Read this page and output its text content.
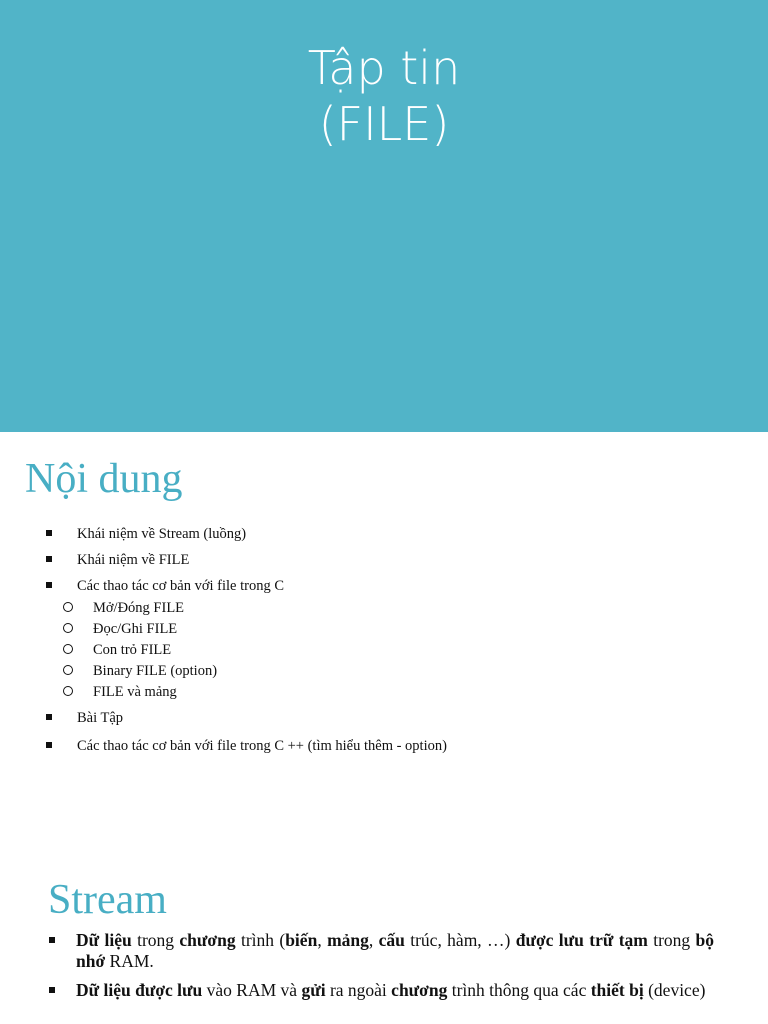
Tập tin
(FILE)
Nội dung
Khái niệm về Stream (luồng)
Khái niệm về FILE
Các thao tác cơ bản với file trong C
Mở/Đóng FILE
Đọc/Ghi FILE
Con trỏ FILE
Binary FILE (option)
FILE và mảng
Bài Tập
Các thao tác cơ bản với file trong C ++ (tìm hiểu thêm - option)
Stream
Dữ liệu trong chương trình (biến, mảng, cấu trúc, hàm, …) được lưu trữ tạm trong bộ nhớ RAM.
Dữ liệu được lưu vào RAM và gửi ra ngoài chương trình thông qua các thiết bị (device)
